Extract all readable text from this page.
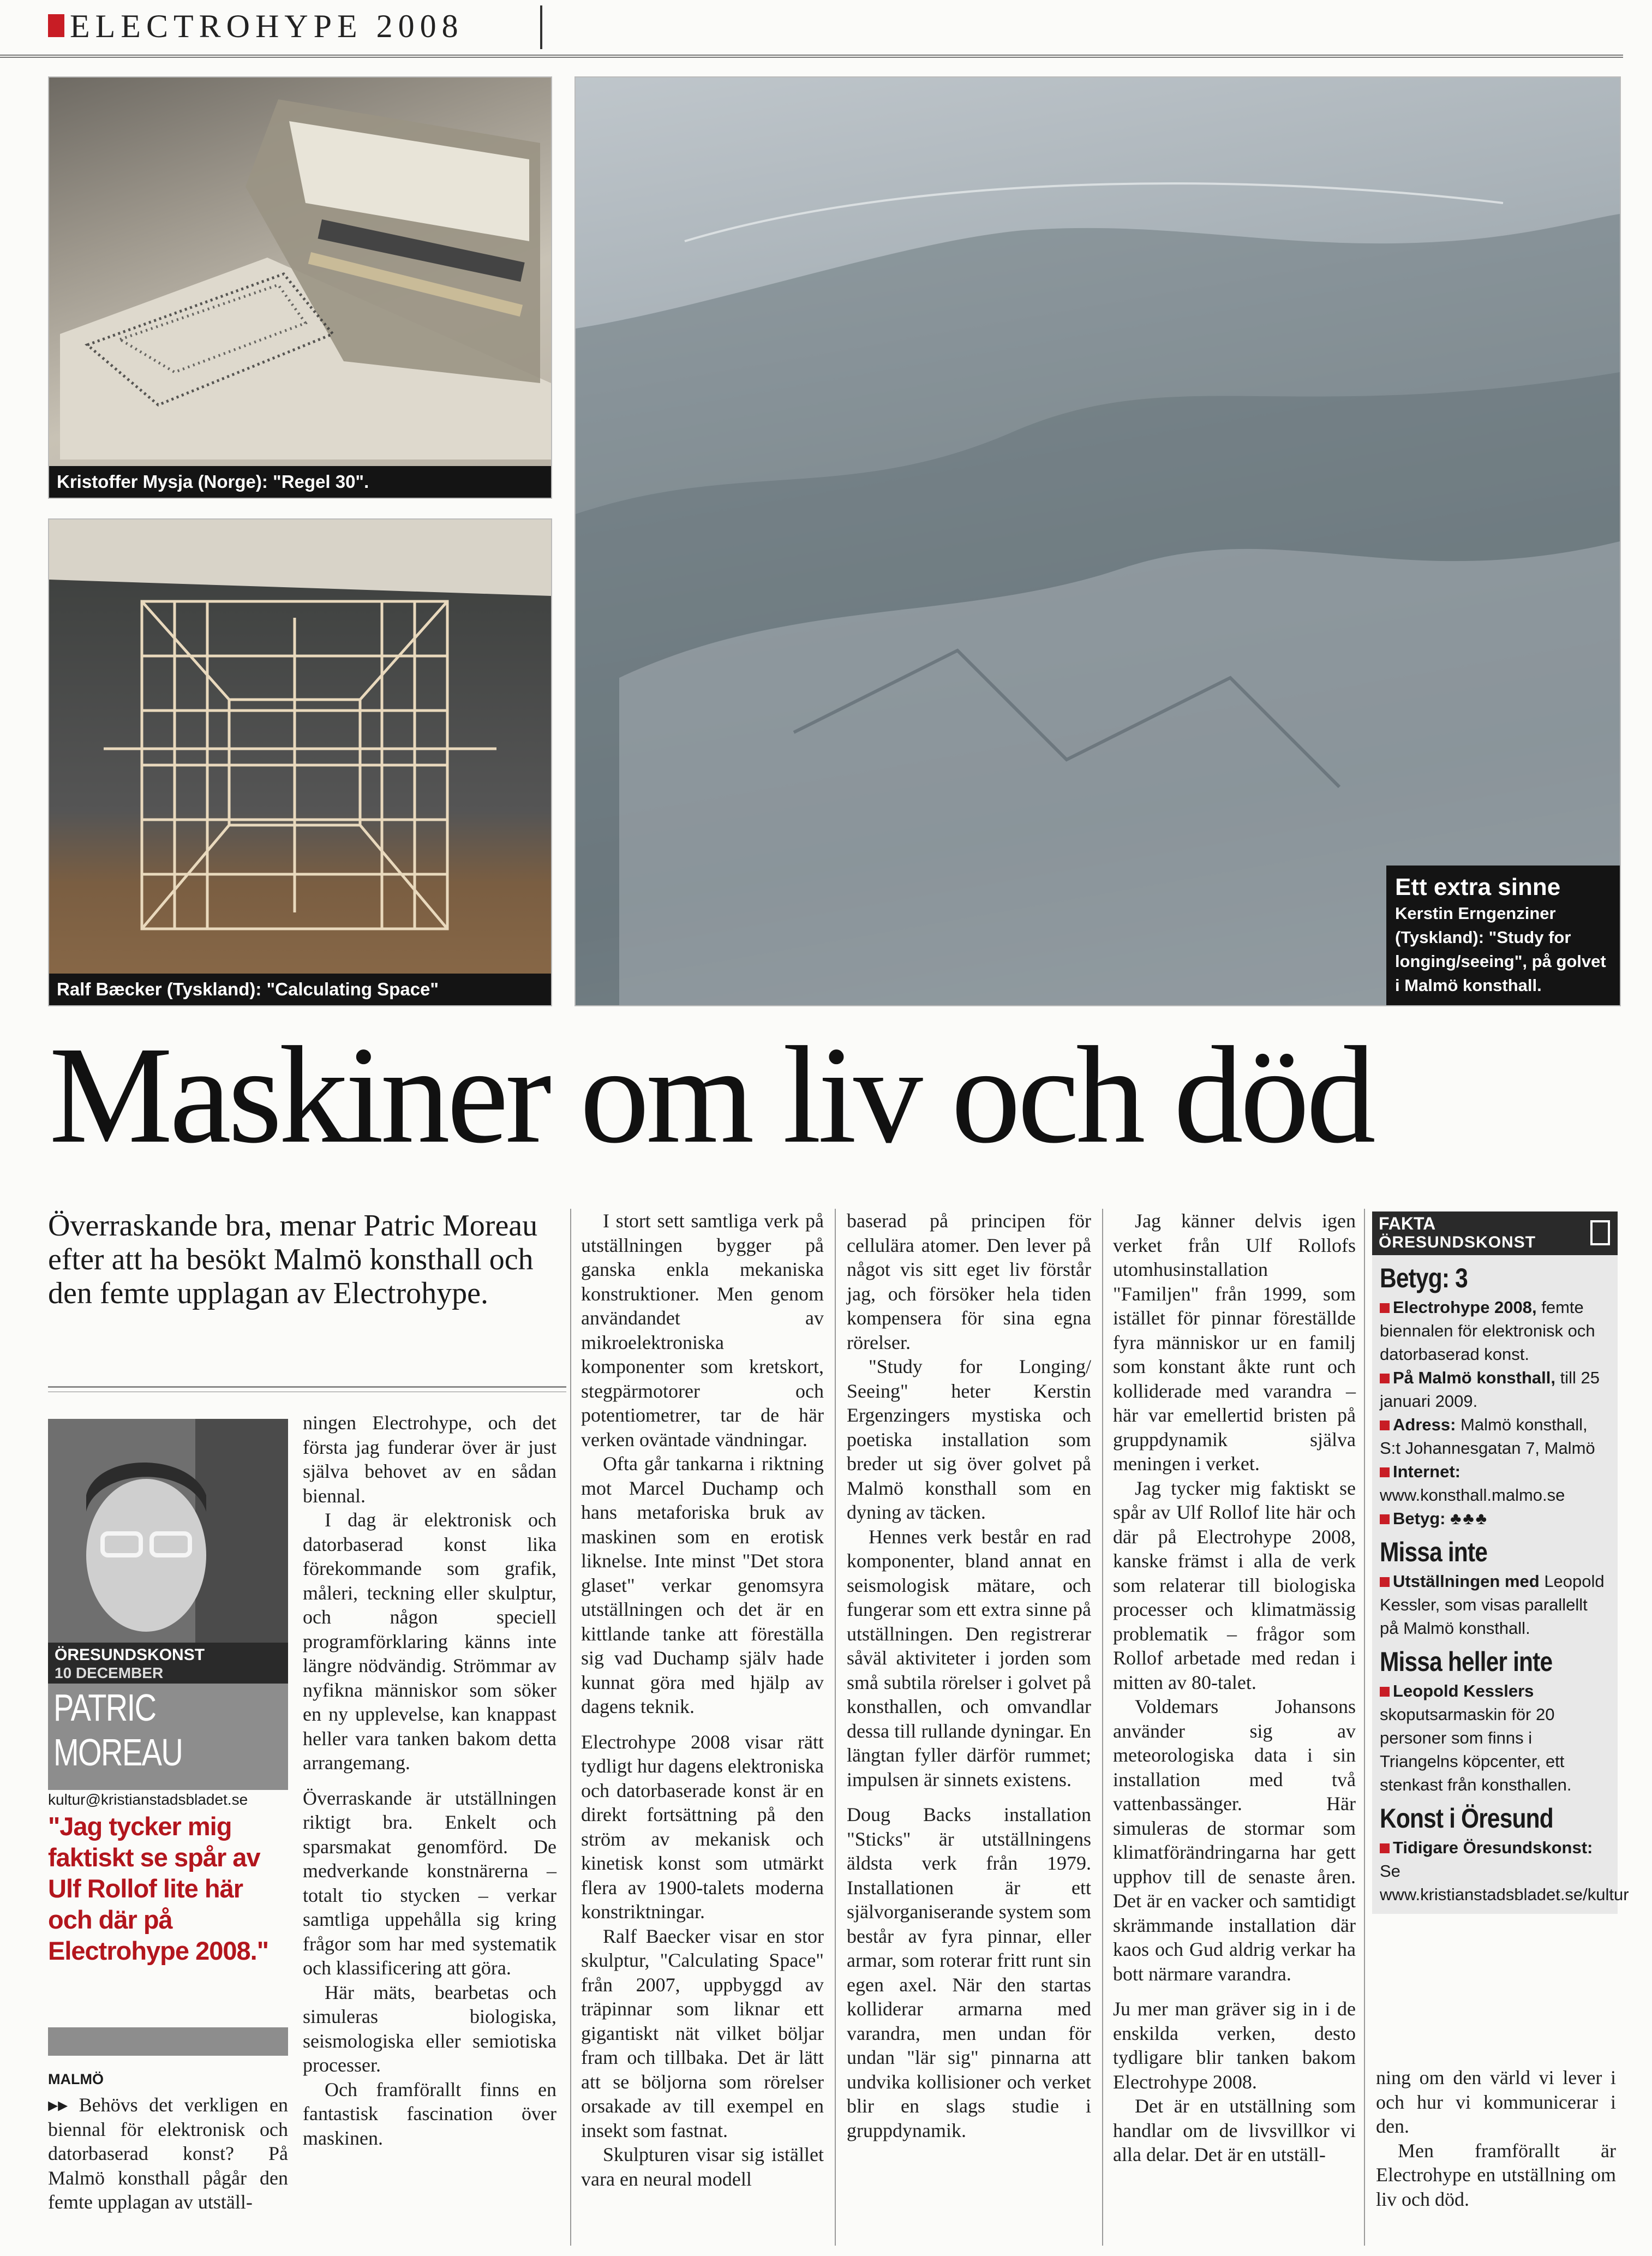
ELECTROHYPE 2008
Kristoffer Mysja (Norge): "Regel 30".
Ralf Bæcker (Tyskland): "Calculating Space"
Ett extra sinne
Kerstin Erngenziner (Tyskland): "Study for longing/seeing", på golvet i Malmö konsthall.
Maskiner om liv och död
Överraskande bra, menar Patric Moreau efter att ha besökt Malmö konsthall och den femte upplagan av Electrohype.
ÖRESUNDSKONST
10 DECEMBER
PATRIC
MOREAU
kultur@kristianstadsbladet.se
"Jag tycker mig faktiskt se spår av Ulf Rollof lite här och där på Electrohype 2008."
MALMÖ

▸▸ Behövs det verkligen en biennal för elektronisk och datorbaserad konst? På Malmö konsthall pågår den femte upplagan av utställ-

ningen Electrohype, och det första jag funderar över är just själva behovet av en sådan biennal.

I dag är elektronisk och datorbaserad konst lika förekommande som grafik, måleri, teckning eller skulptur, och någon speciell programförklaring känns inte längre nödvändig. Strömmar av nyfikna människor som söker en ny upplevelse, kan knappast heller vara tanken bakom detta arrangemang.

Överraskande är utställningen riktigt bra. Enkelt och sparsmakat genomförd. De medverkande konstnärerna – totalt tio stycken – verkar samtliga uppehålla sig kring frågor som har med systematik och klassificering att göra.

Här mäts, bearbetas och simuleras biologiska, seismologiska eller semiotiska processer.

Och framförallt finns en fantastisk fascination över maskinen.

I stort sett samtliga verk på utställningen bygger på ganska enkla mekaniska konstruktioner. Men genom användandet av mikroelektroniska komponenter som kretskort, stegpärmotorer och potentiometrer, tar de här verken oväntade vändningar.

Ofta går tankarna i riktning mot Marcel Duchamp och hans metaforiska bruk av maskinen som en erotisk liknelse. Inte minst "Det stora glaset" verkar genomsyra utställningen och det är en kittlande tanke att föreställa sig vad Duchamp själv hade kunnat göra med hjälp av dagens teknik.

Electrohype 2008 visar rätt tydligt hur dagens elektroniska och datorbaserade konst är en direkt fortsättning på den ström av mekanisk och kinetisk konst som utmärkt flera av 1900-talets moderna konstriktningar.

Ralf Baecker visar en stor skulptur, "Calculating Space" från 2007, uppbyggd av träpinnar som liknar ett gigantiskt nät vilket böljar fram och tillbaka. Det är lätt att se böljorna som rörelser orsakade av till exempel en insekt som fastnat.

Skulpturen visar sig istället vara en neural modell

baserad på principen för cellulära atomer. Den lever på något vis sitt eget liv förstår jag, och försöker hela tiden kompensera för sina egna rörelser.

"Study for Longing/ Seeing" heter Kerstin Ergenzingers mystiska och poetiska installation som breder ut sig över golvet på Malmö konsthall som en dyning av täcken.

Hennes verk består en rad komponenter, bland annat en seismologisk mätare, och fungerar som ett extra sinne på utställningen. Den registrerar såväl aktiviteter i jorden som små subtila rörelser i golvet på konsthallen, och omvandlar dessa till rullande dyningar. En längtan fyller därför rummet; impulsen är sinnets existens.

Doug Backs installation "Sticks" är utställningens äldsta verk från 1979. Installationen är ett självorganiserande system som består av fyra pinnar, eller armar, som roterar fritt runt sin egen axel. När den startas kolliderar armarna med varandra, men undan för undan "lär sig" pinnarna att undvika kollisioner och verket blir en slags studie i gruppdynamik.

Jag känner delvis igen verket från Ulf Rollofs utomhusinstallation "Familjen" från 1999, som istället för pinnar föreställde fyra människor ur en familj som konstant åkte runt och kolliderade med varandra – här var emellertid bristen på gruppdynamik själva meningen i verket.

Jag tycker mig faktiskt se spår av Ulf Rollof lite här och där på Electrohype 2008, kanske främst i alla de verk som relaterar till biologiska processer och klimatmässig problematik – frågor som Rollof arbetade med redan i mitten av 80-talet.

Voldemars Johansons använder sig av meteorologiska data i sin installation med två vattenbassänger. Här simuleras de stormar som klimatförändringarna har gett upphov till de senaste åren. Det är en vacker och samtidigt skrämmande installation där kaos och Gud aldrig verkar ha bott närmare varandra.

Ju mer man gräver sig in i de enskilda verken, desto tydligare blir tanken bakom Electrohype 2008.

Det är en utställning som handlar om de livsvillkor vi alla delar. Det är en utställ-

ning om den värld vi lever i och hur vi kommunicerar i den.

Men framförallt är Electrohype en utställning om liv och död.

FAKTA
ÖRESUNDSKONST
Betyg: 3

Electrohype 2008, femte biennalen för elektronisk och datorbaserad konst.

På Malmö konsthall, till 25 januari 2009.

Adress: Malmö konsthall, S:t Johannesgatan 7, Malmö

Internet: www.konsthall.malmo.se

Betyg: ♣♣♣

Missa inte

Utställningen med Leopold Kessler, som visas parallellt på Malmö konsthall.

Missa heller inte

Leopold Kesslers skoputsarmaskin för 20 personer som finns i Triangelns köpcenter, ett stenkast från konsthallen.

Konst i Öresund

Tidigare Öresundskonst: Se www.kristianstadsbladet.se/kultur
